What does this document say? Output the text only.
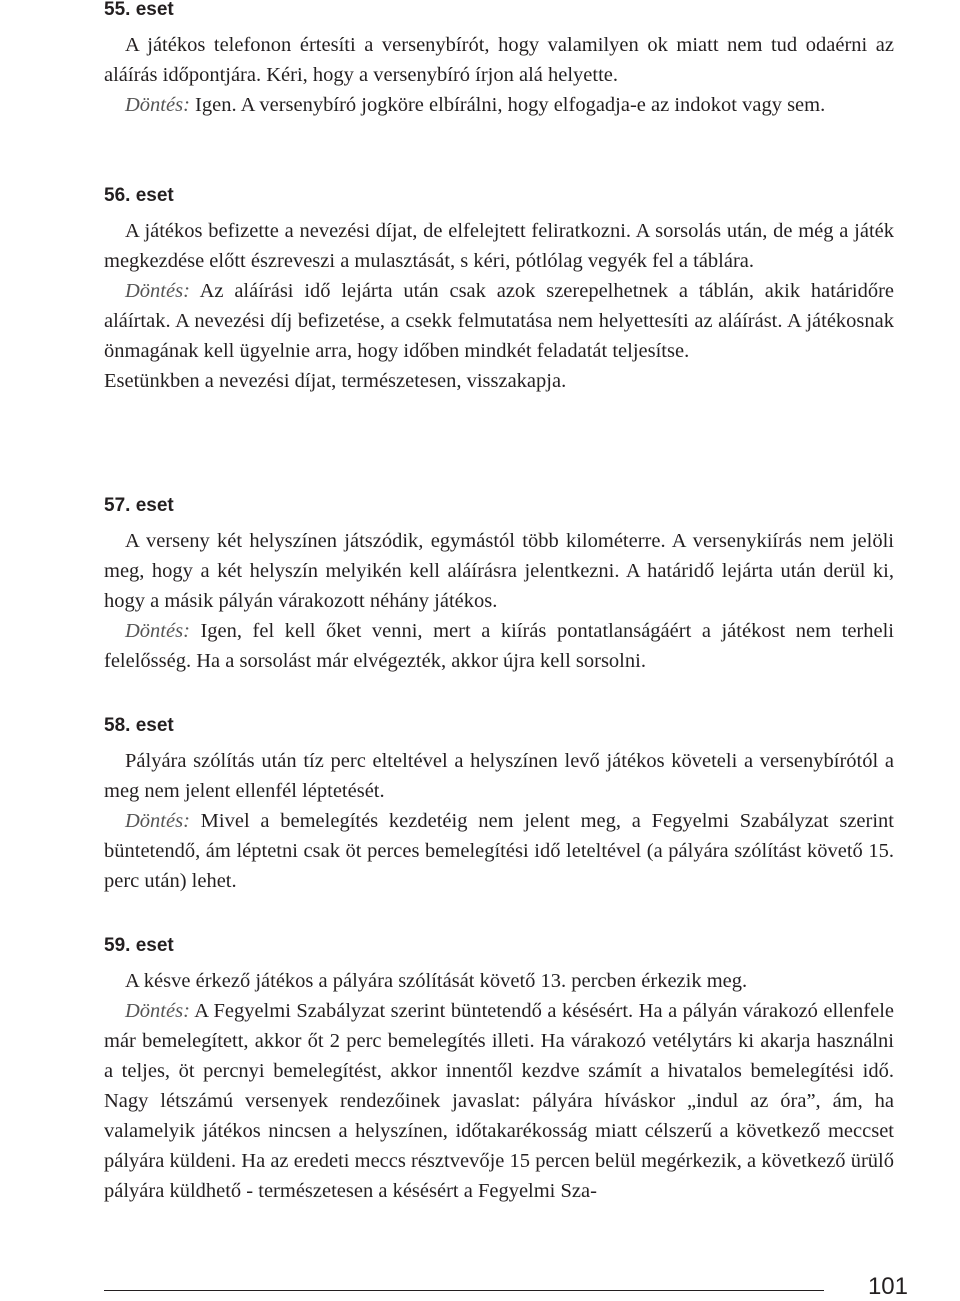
55. eset

A játékos telefonon értesíti a versenybírót, hogy valamilyen ok miatt nem tud odaérni az aláírás időpontjára. Kéri, hogy a versenybíró írjon alá helyette.

Döntés: Igen. A versenybíró jogköre elbírálni, hogy elfogadja-e az indokot vagy sem.

56. eset

A játékos befizette a nevezési díjat, de elfelejtett feliratkozni. A sorsolás után, de még a játék megkezdése előtt észreveszi a mulasztását, s kéri, pótlólag vegyék fel a táblára.

Döntés: Az aláírási idő lejárta után csak azok szerepelhetnek a táblán, akik határidőre aláírtak. A nevezési díj befizetése, a csekk felmutatása nem helyettesíti az aláírást. A játékosnak önmagának kell ügyelnie arra, hogy időben mindkét feladatát teljesítse.

Esetünkben a nevezési díjat, természetesen, visszakapja.

57. eset

A verseny két helyszínen játszódik, egymástól több kilométerre. A versenykiírás nem jelöli meg, hogy a két helyszín melyikén kell aláírásra jelentkezni. A határidő lejárta után derül ki, hogy a másik pályán várakozott néhány játékos.

Döntés: Igen, fel kell őket venni, mert a kiírás pontatlanságáért a játékost nem terheli felelősség. Ha a sorsolást már elvégezték, akkor újra kell sorsolni.

58. eset

Pályára szólítás után tíz perc elteltével a helyszínen levő játékos követeli a versenybírótól a meg nem jelent ellenfél léptetését.

Döntés: Mivel a bemelegítés kezdetéig nem jelent meg, a Fegyelmi Szabályzat szerint büntetendő, ám léptetni csak öt perces bemelegítési idő leteltével (a pályára szólítást követő 15. perc után) lehet.

59. eset

A késve érkező játékos a pályára szólítását követő 13. percben érkezik meg.

Döntés: A Fegyelmi Szabályzat szerint büntetendő a késésért. Ha a pályán várakozó ellenfele már bemelegített, akkor őt 2 perc bemelegítés illeti. Ha várakozó vetélytárs ki akarja használni a teljes, öt percnyi bemelegítést, akkor innentől kezdve számít a hivatalos bemelegítési idő. Nagy létszámú versenyek rendezőinek javaslat: pályára híváskor „indul az óra”, ám, ha valamelyik játékos nincsen a helyszínen, időtakarékosság miatt célszerű a következő meccset pályára küldeni. Ha az eredeti meccs résztvevője 15 percen belül megérkezik, a következő ürülő pályára küldhető - természetesen a késésért a Fegyelmi Sza-

101
